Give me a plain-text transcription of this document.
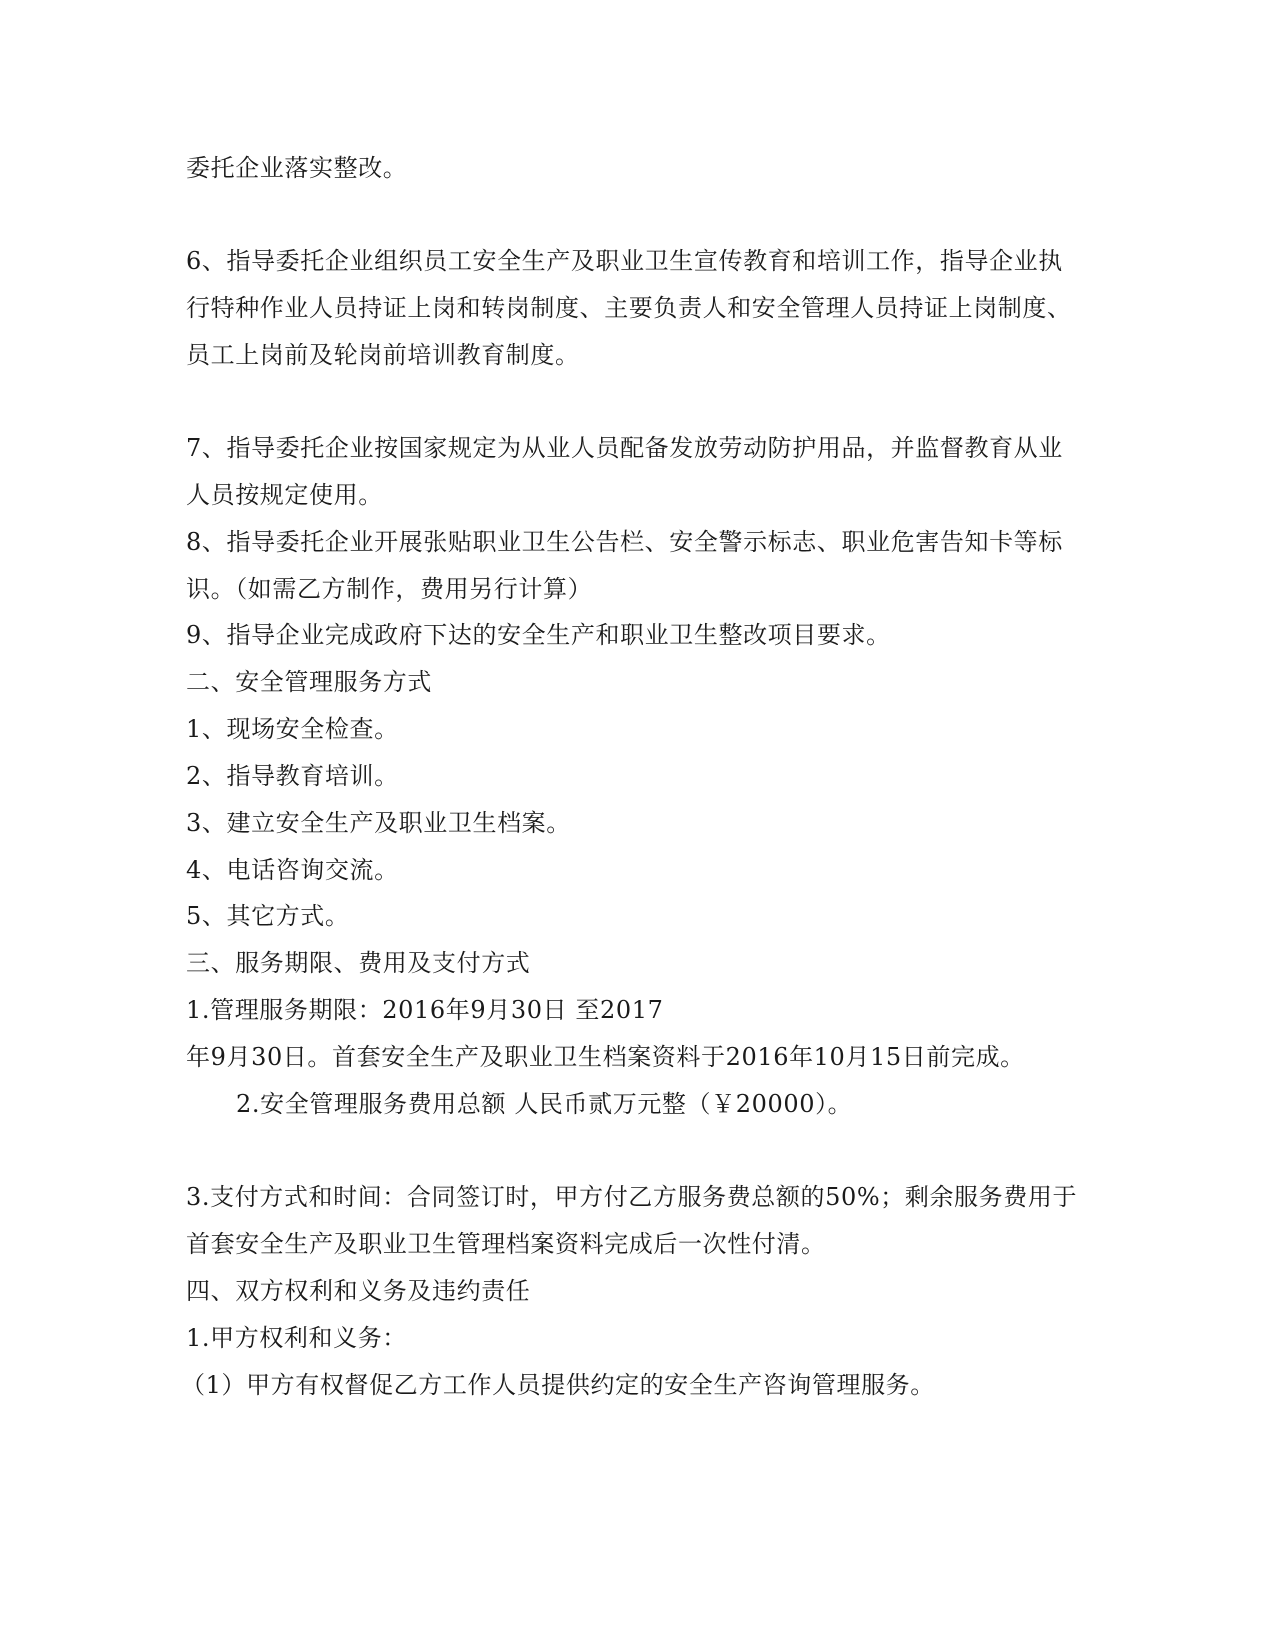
委托企业落实整改。

6、指导委托企业组织员工安全生产及职业卫生宣传教育和培训工作，指导企业执

行特种作业人员持证上岗和转岗制度、主要负责人和安全管理人员持证上岗制度、

员工上岗前及轮岗前培训教育制度。

7、指导委托企业按国家规定为从业人员配备发放劳动防护用品，并监督教育从业

人员按规定使用。

8、指导委托企业开展张贴职业卫生公告栏、安全警示标志、职业危害告知卡等标

识。（如需乙方制作，费用另行计算）

9、指导企业完成政府下达的安全生产和职业卫生整改项目要求。

二、安全管理服务方式

1、现场安全检查。

2、指导教育培训。

3、建立安全生产及职业卫生档案。

4、电话咨询交流。

5、其它方式。

三、服务期限、费用及支付方式

1.管理服务期限：2016年9月30日 至2017

年9月30日。首套安全生产及职业卫生档案资料于2016年10月15日前完成。

2.安全管理服务费用总额 人民币贰万元整（￥20000）。

3.支付方式和时间：合同签订时，甲方付乙方服务费总额的50%；剩余服务费用于

首套安全生产及职业卫生管理档案资料完成后一次性付清。

四、双方权利和义务及违约责任

1.甲方权利和义务：

（1）甲方有权督促乙方工作人员提供约定的安全生产咨询管理服务。
